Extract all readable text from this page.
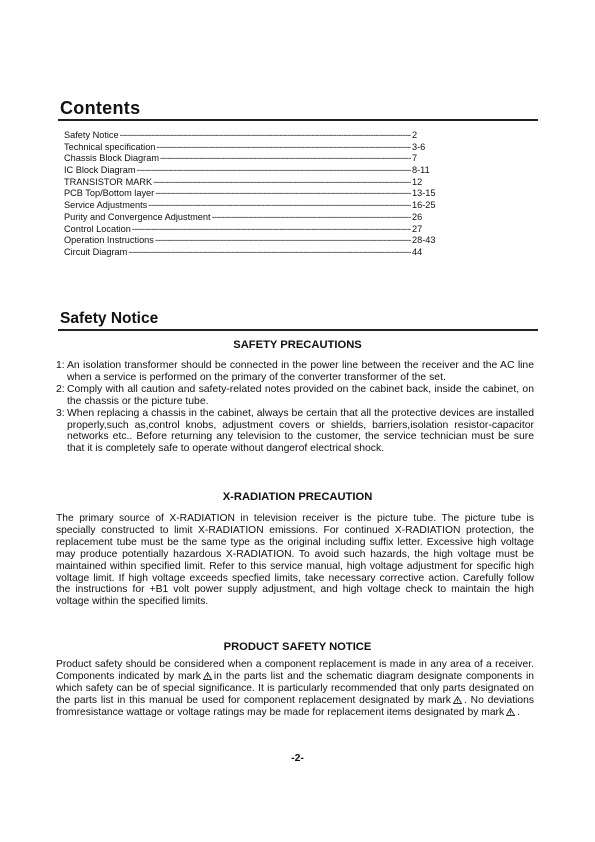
Contents
Safety Notice -----	2
Technical specification -----	3-6
Chassis Block Diagram -----	7
IC Block Diagram -----	8-11
TRANSISTOR MARK -----	12
PCB Top/Bottom layer -----	13-15
Service Adjustments -----	16-25
Purity and Convergence Adjustment -----	26
Control Location -----	27
Operation Instructions -----	28-43
Circuit Diagram -----	44
Safety Notice
SAFETY PRECAUTIONS
1: An isolation transformer should be connected in the power line between the receiver and the AC line when a service is performed on the primary of the converter transformer of the set.
2: Comply with all caution and safety-related notes provided on the cabinet back, inside the cabinet, on the chassis or the picture tube.
3: When replacing a chassis in the cabinet, always be certain that all the protective devices are installed properly,such as,control knobs, adjustment covers or shields, barriers,isolation resistor-capacitor networks etc.. Before returning any television to the customer, the service technician must be sure that it is completely safe to operate without dangerof electrical shock.
X-RADIATION PRECAUTION

The primary source of X-RADIATION in television receiver is the picture tube. The picture tube is specially constructed to limit X-RADIATION emissions. For continued X-RADIATION protection, the replacement tube must be the same type as the original including suffix letter. Excessive high voltage may produce potentially hazardous X-RADIATION. To avoid such hazards, the high voltage must be maintained within specified limit. Refer to this service manual, high voltage adjustment for specific high voltage limit. If high voltage exceeds specfied limits, take necessary corrective action. Carefully follow the instructions for +B1 volt power supply adjustment, and high voltage check to maintain the high voltage within the specified limits.

PRODUCT SAFETY NOTICE

Product safety should be considered when a component replacement is made in any area of a receiver. Components indicated by mark in the parts list and the schematic diagram designate components in which safety can be of special significance. It is particularly recommended that only parts designated on the parts list in this manual be used for component replacement designated by mark . No deviations fromresistance wattage or voltage ratings may be made for replacement items designated by mark .

-2-
